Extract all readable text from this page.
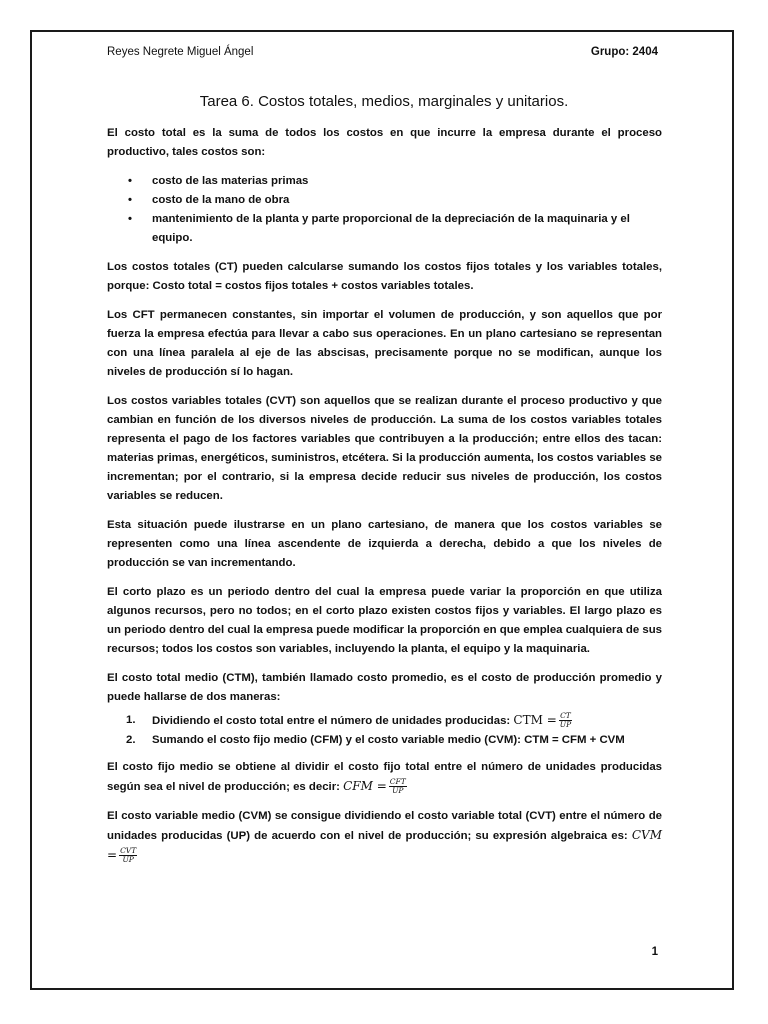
Reyes Negrete Miguel Ángel	Grupo: 2404
Tarea 6. Costos totales, medios, marginales y unitarios.

El costo total es la suma de todos los costos en que incurre la empresa durante el proceso productivo, tales costos son:

• costo de las materias primas
• costo de la mano de obra
• mantenimiento de la planta y parte proporcional de la depreciación de la maquinaria y el equipo.

Los costos totales (CT) pueden calcularse sumando los costos fijos totales y los variables totales, porque: Costo total = costos fijos totales + costos variables totales.

Los CFT permanecen constantes, sin importar el volumen de producción, y son aquellos que por fuerza la empresa efectúa para llevar a cabo sus operaciones. En un plano cartesiano se representan con una línea paralela al eje de las abscisas, precisamente porque no se modifican, aunque los niveles de producción sí lo hagan.

Los costos variables totales (CVT) son aquellos que se realizan durante el proceso productivo y que cambian en función de los diversos niveles de producción. La suma de los costos variables totales representa el pago de los factores variables que contribuyen a la producción; entre ellos des tacan: materias primas, energéticos, suministros, etcétera. Si la producción aumenta, los costos variables se incrementan; por el contrario, si la empresa decide reducir sus niveles de producción, los costos variables se reducen.

Esta situación puede ilustrarse en un plano cartesiano, de manera que los costos variables se representen como una línea ascendente de izquierda a derecha, debido a que los niveles de producción se van incrementando.

El corto plazo es un periodo dentro del cual la empresa puede variar la proporción en que utiliza algunos recursos, pero no todos; en el corto plazo existen costos fijos y variables. El largo plazo es un periodo dentro del cual la empresa puede modificar la proporción en que emplea cualquiera de sus recursos; todos los costos son variables, incluyendo la planta, el equipo y la maquinaria.

El costo total medio (CTM), también llamado costo promedio, es el costo de producción promedio y puede hallarse de dos maneras:

1. Dividiendo el costo total entre el número de unidades producidas: CTM = $\frac{CT}{UP}$
2. Sumando el costo fijo medio (CFM) y el costo variable medio (CVM): CTM = CFM + CVM

El costo fijo medio se obtiene al dividir el costo fijo total entre el número de unidades producidas según sea el nivel de producción; es decir: CFM = $\frac{\text{CFT}}{UP}$

El costo variable medio (CVM) se consigue dividiendo el costo variable total (CVT) entre el número de unidades producidas (UP) de acuerdo con el nivel de producción; su expresión algebraica es: CVM = $\frac{\text{CVT}}{UP}$

1
